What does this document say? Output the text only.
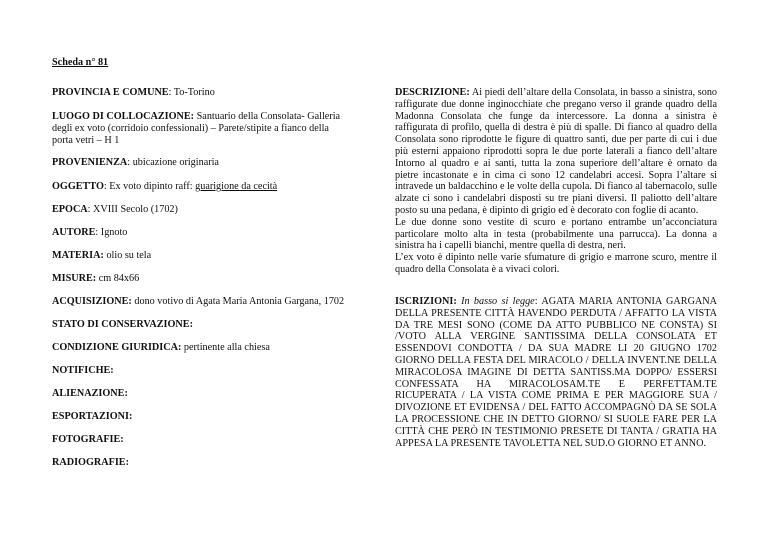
Scheda n° 81
PROVINCIA E COMUNE: To-Torino
LUOGO DI COLLOCAZIONE: Santuario della Consolata- Galleria degli ex voto (corridoio confessionali) – Parete/stipite a fianco della porta vetri – H 1
PROVENIENZA: ubicazione originaria
OGGETTO: Ex voto dipinto raff: guarigione da cecità
EPOCA: XVIII Secolo (1702)
AUTORE: Ignoto
MATERIA: olio su tela
MISURE: cm 84x66
ACQUISIZIONE: dono votivo di Agata Maria Antonia Gargana, 1702
STATO DI CONSERVAZIONE:
CONDIZIONE GIURIDICA: pertinente alla chiesa
NOTIFICHE:
ALIENAZIONE:
ESPORTAZIONI:
FOTOGRAFIE:
RADIOGRAFIE:

DESCRIZIONE: Ai piedi dell’altare della Consolata, in basso a sinistra, sono raffigurate due donne inginocchiate che pregano verso il grande quadro della Madonna Consolata che funge da intercessore. La donna a sinistra è raffigurata di profilo, quella di destra è più di spalle. Di fianco al quadro della Consolata sono riprodotte le figure di quattro santi, due per parte di cui i due più esterni appaiono riprodotti sopra le due porte laterali a fianco dell’altare Intorno al quadro e ai santi, tutta la zona superiore dell’altare è ornato da pietre incastonate e in cima ci sono 12 candelabri accesi. Sopra l’altare si intravede un baldacchino e le volte della cupola. Di fianco al tabernacolo, sulle alzate ci sono i candelabri disposti su tre piani diversi. Il paliotto dell’altare posto su una pedana, è dipinto di grigio ed è decorato con foglie di acanto.

Le due donne sono vestite di scuro e portano entrambe un’acconciatura particolare molto alta in testa (probabilmente una parrucca). La donna a sinistra ha i capelli bianchi, mentre quella di destra, neri.

L’ex voto è dipinto nelle varie sfumature di grigio e marrone scuro, mentre il quadro della Consolata è a vivaci colori.

ISCRIZIONI: In basso si legge: AGATA MARIA ANTONIA GARGANA DELLA PRESENTE CITTÀ HAVENDO PERDUTA / AFFATTO LA VISTA DA TRE MESI SONO (COME DA ATTO PUBBLICO NE CONSTA) SI /VOTO ALLA VERGINE SANTISSIMA DELLA CONSOLATA ET ESSENDOVI CONDOTTA / DA SUA MADRE LI 20 GIUGNO 1702 GIORNO DELLA FESTA DEL MIRACOLO / DELLA INVENT.NE DELLA MIRACOLOSA IMAGINE DI DETTA SANTISS.MA DOPPO/ ESSERSI CONFESSATA HA MIRACOLOSAM.TE E PERFETTAM.TE RICUPERATA / LA VISTA COME PRIMA E PER MAGGIORE SUA / DIVOZIONE ET EVIDENSA / DEL FATTO ACCOMPAGNÒ DA SE SOLA LA PROCESSIONE CHE IN DETTO GIORNO/ SI SUOLE FARE PER LA CITTÀ CHE PERÒ IN TESTIMONIO PRESETE DI TANTA / GRATIA HA APPESA LA PRESENTE TAVOLETTA NEL SUD.O GIORNO ET ANNO.
